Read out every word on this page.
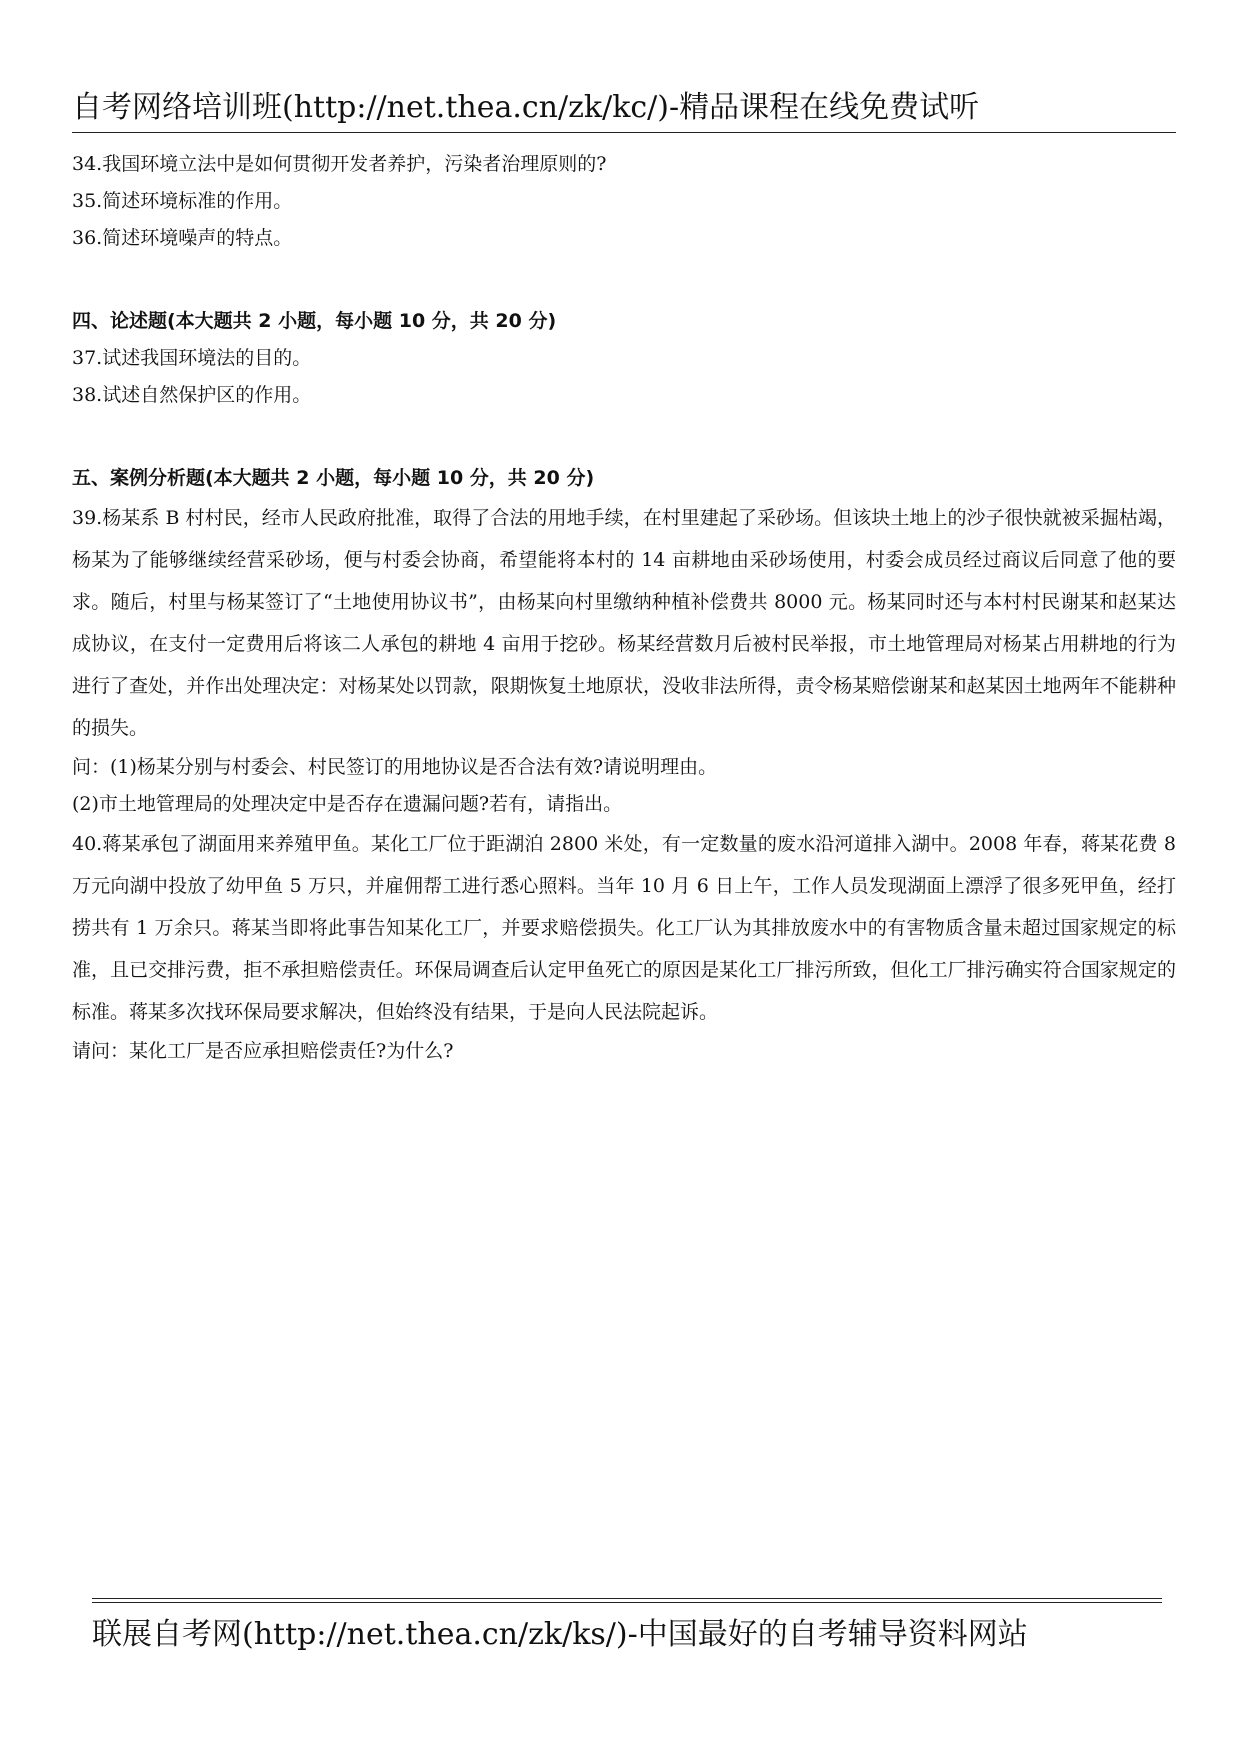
自考网络培训班(http://net.thea.cn/zk/kc/)-精品课程在线免费试听
34.我国环境立法中是如何贯彻开发者养护，污染者治理原则的?
35.简述环境标准的作用。
36.简述环境噪声的特点。
四、论述题(本大题共 2 小题，每小题 10 分，共 20 分)
37.试述我国环境法的目的。
38.试述自然保护区的作用。
五、案例分析题(本大题共 2 小题，每小题 10 分，共 20 分)

39.杨某系 B 村村民，经市人民政府批准，取得了合法的用地手续，在村里建起了采砂场。但该块土地上的沙子很快就被采掘枯竭，杨某为了能够继续经营采砂场，便与村委会协商，希望能将本村的 14 亩耕地由采砂场使用，村委会成员经过商议后同意了他的要求。随后，村里与杨某签订了“土地使用协议书”，由杨某向村里缴纳种植补偿费共 8000 元。杨某同时还与本村村民谢某和赵某达成协议，在支付一定费用后将该二人承包的耕地 4 亩用于挖砂。杨某经营数月后被村民举报，市土地管理局对杨某占用耕地的行为进行了查处，并作出处理决定：对杨某处以罚款，限期恢复土地原状，没收非法所得，责令杨某赔偿谢某和赵某因土地两年不能耕种的损失。

问：(1)杨某分别与村委会、村民签订的用地协议是否合法有效?请说明理由。
(2)市土地管理局的处理决定中是否存在遗漏问题?若有，请指出。

40.蒋某承包了湖面用来养殖甲鱼。某化工厂位于距湖泊 2800 米处，有一定数量的废水沿河道排入湖中。2008 年春，蒋某花费 8 万元向湖中投放了幼甲鱼 5 万只，并雇佣帮工进行悉心照料。当年 10 月 6 日上午，工作人员发现湖面上漂浮了很多死甲鱼，经打捞共有 1 万余只。蒋某当即将此事告知某化工厂，并要求赔偿损失。化工厂认为其排放废水中的有害物质含量未超过国家规定的标准，且已交排污费，拒不承担赔偿责任。环保局调查后认定甲鱼死亡的原因是某化工厂排污所致，但化工厂排污确实符合国家规定的标准。蒋某多次找环保局要求解决，但始终没有结果，于是向人民法院起诉。

请问：某化工厂是否应承担赔偿责任?为什么?
联展自考网(http://net.thea.cn/zk/ks/)-中国最好的自考辅导资料网站
